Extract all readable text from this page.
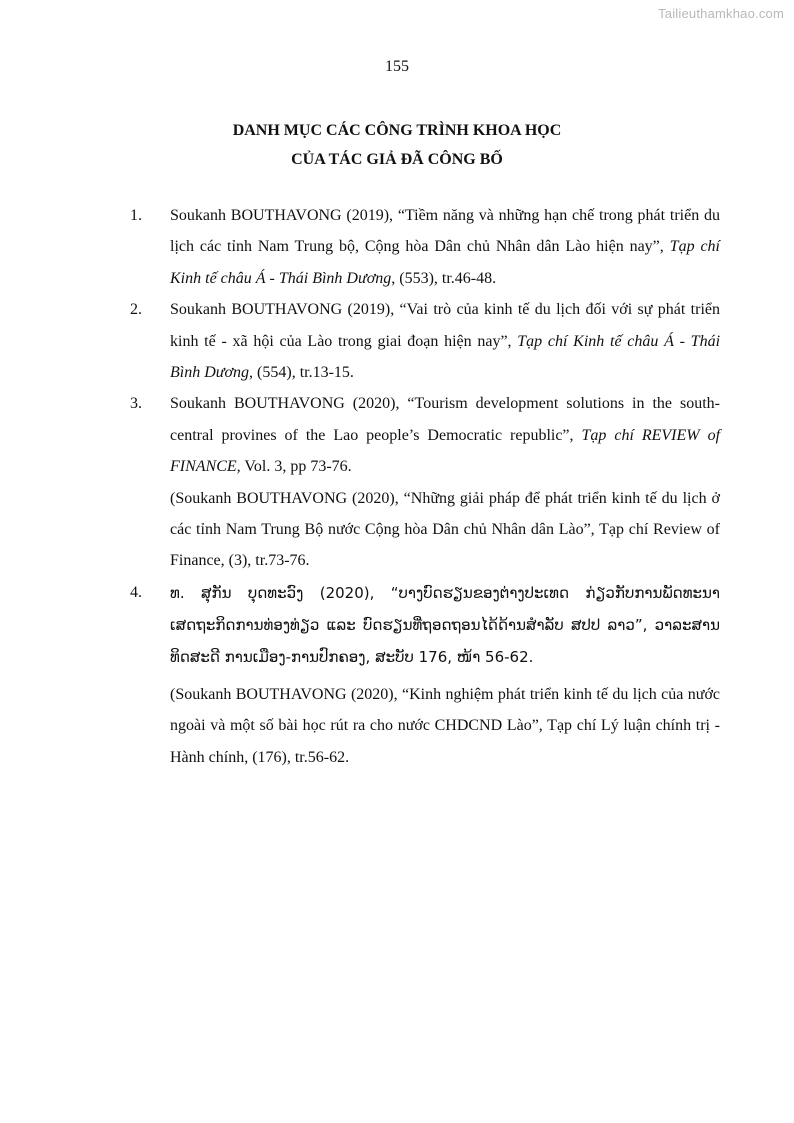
Tailieuthamkhao.com
155
DANH MỤC CÁC CÔNG TRÌNH KHOA HỌC
CỦA TÁC GIẢ ĐÃ CÔNG BỐ
1.	Soukanh BOUTHAVONG (2019), “Tiềm năng và những hạn chế trong phát triển du lịch các tỉnh Nam Trung bộ, Cộng hòa Dân chủ Nhân dân Lào hiện nay”, Tạp chí Kinh tế châu Á - Thái Bình Dương, (553), tr.46-48.

2.	Soukanh BOUTHAVONG (2019), “Vai trò của kinh tế du lịch đối với sự phát triển kinh tế - xã hội của Lào trong giai đoạn hiện nay”, Tạp chí Kinh tế châu Á - Thái Bình Dương, (554), tr.13-15.

3.	Soukanh BOUTHAVONG (2020), “Tourism development solutions in the south-central provines of the Lao people’s Democratic republic”, Tạp chí REVIEW of FINANCE, Vol. 3, pp 73-76.

(Soukanh BOUTHAVONG (2020), “Những giải pháp để phát triển kinh tế du lịch ở các tỉnh Nam Trung Bộ nước Cộng hòa Dân chủ Nhân dân Lào”, Tạp chí Review of Finance, (3), tr.73-76.

4.	ທ. ສຸກັນ ບຸດທະວົງ (2020), “ບາງບົດຮຽນຂອງຕ່າງປະເທດ ກ່ຽວກັບການພັດທະນາເສດຖະກິດການທ່ອງທ່ຽວ ແລະ ບົດຮຽນທີ່ຖອດຖອນໄດ້ດ້ານສຳລັບ ສປປ ລາວ”, ວາລະສານທິດສະດີ ການເມືອງ-ການປົກຄອງ, ສະບັບ 176, ໜ້າ 56-62.

(Soukanh BOUTHAVONG (2020), “Kinh nghiệm phát triển kinh tế du lịch của nước ngoài và một số bài học rút ra cho nước CHDCND Lào”, Tạp chí Lý luận chính trị - Hành chính, (176), tr.56-62.
